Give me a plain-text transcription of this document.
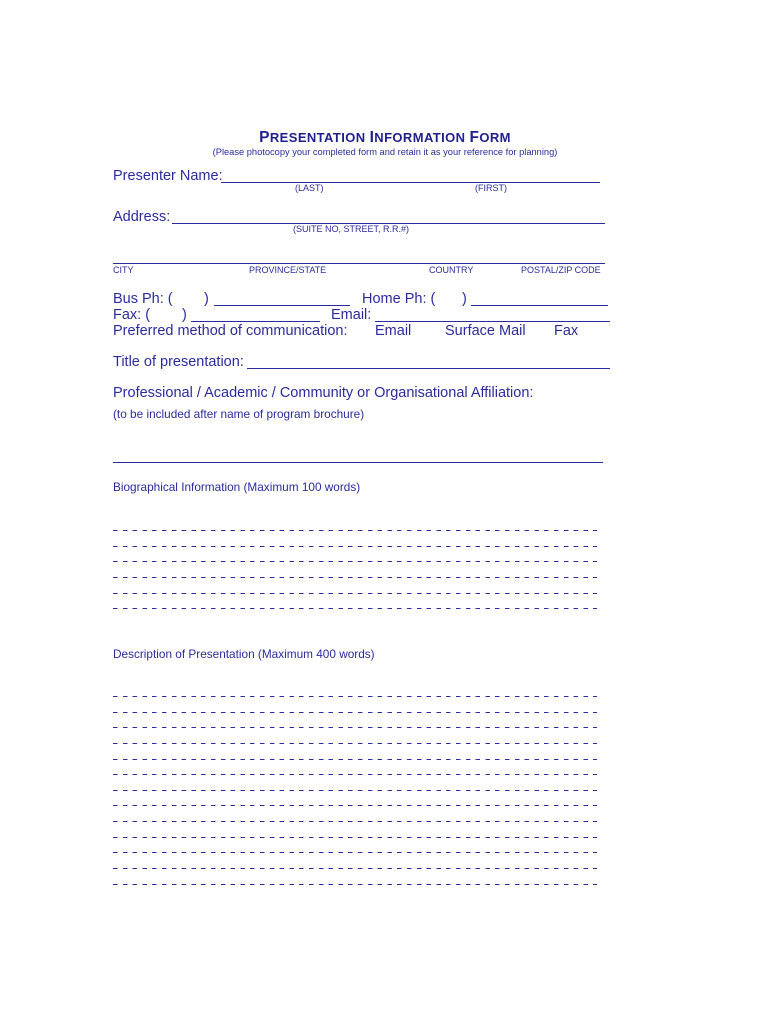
PRESENTATION INFORMATION FORM
(Please photocopy your completed form and retain it as your reference for planning)
Presenter Name:
(LAST)	(FIRST)
Address:
(SUITE NO, STREET, R.R.#)
CITY	PROVINCE/STATE	COUNTRY	POSTAL/ZIP CODE
Bus Ph: ( )	Home Ph: ( )
Fax: ( )	Email:
Preferred method of communication: Email Surface Mail Fax
Title of presentation:
Professional / Academic / Community or Organisational Affiliation:
(to be included after name of program brochure)
Biographical Information (Maximum 100 words)
Description of Presentation (Maximum 400 words)
